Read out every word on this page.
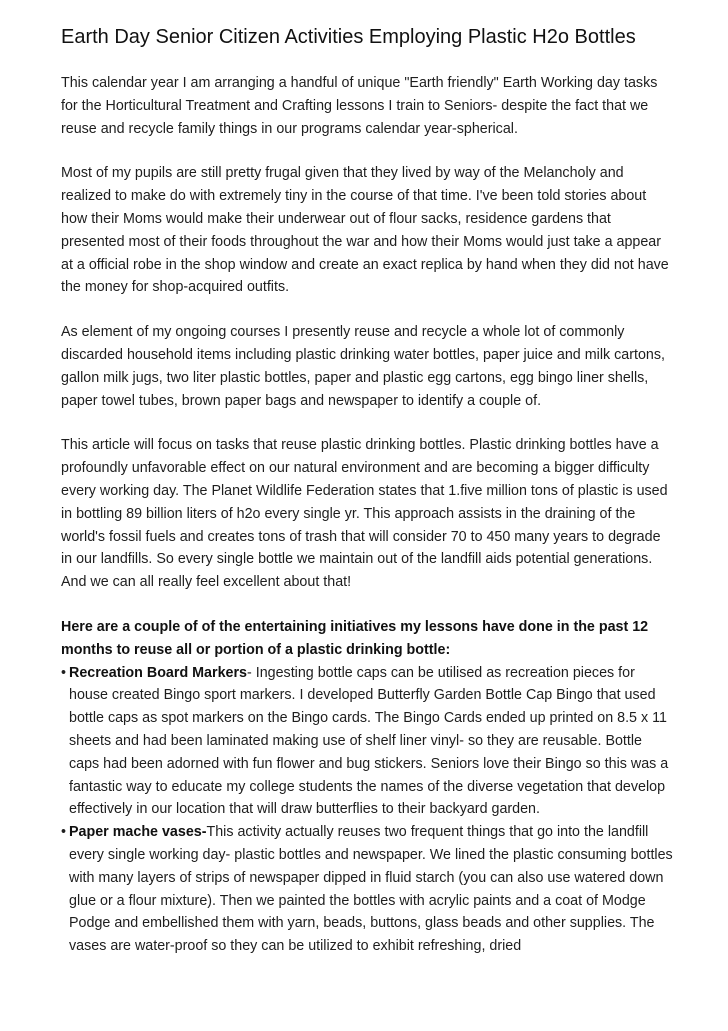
Earth Day Senior Citizen Activities Employing Plastic H2o Bottles

This calendar year I am arranging a handful of unique "Earth friendly" Earth Working day tasks for the Horticultural Treatment and Crafting lessons I train to Seniors- despite the fact that we reuse and recycle family things in our programs calendar year-spherical.

Most of my pupils are still pretty frugal given that they lived by way of the Melancholy and realized to make do with extremely tiny in the course of that time. I've been told stories about how their Moms would make their underwear out of flour sacks, residence gardens that presented most of their foods throughout the war and how their Moms would just take a appear at a official robe in the shop window and create an exact replica by hand when they did not have the money for shop-acquired outfits.

As element of my ongoing courses I presently reuse and recycle a whole lot of commonly discarded household items including plastic drinking water bottles, paper juice and milk cartons, gallon milk jugs, two liter plastic bottles, paper and plastic egg cartons, egg bingo liner shells, paper towel tubes, brown paper bags and newspaper to identify a couple of.

This article will focus on tasks that reuse plastic drinking bottles. Plastic drinking bottles have a profoundly unfavorable effect on our natural environment and are becoming a bigger difficulty every working day. The Planet Wildlife Federation states that 1.five million tons of plastic is used in bottling 89 billion liters of h2o every single yr. This approach assists in the draining of the world's fossil fuels and creates tons of trash that will consider 70 to 450 many years to degrade in our landfills. So every single bottle we maintain out of the landfill aids potential generations. And we can all really feel excellent about that!

Here are a couple of of the entertaining initiatives my lessons have done in the past 12 months to reuse all or portion of a plastic drinking bottle:

• Recreation Board Markers- Ingesting bottle caps can be utilised as recreation pieces for house created Bingo sport markers. I developed Butterfly Garden Bottle Cap Bingo that used bottle caps as spot markers on the Bingo cards. The Bingo Cards ended up printed on 8.5 x 11 sheets and had been laminated making use of shelf liner vinyl- so they are reusable. Bottle caps had been adorned with fun flower and bug stickers. Seniors love their Bingo so this was a fantastic way to educate my college students the names of the diverse vegetation that develop effectively in our location that will draw butterflies to their backyard garden.
• Paper mache vases-This activity actually reuses two frequent things that go into the landfill every single working day- plastic bottles and newspaper. We lined the plastic consuming bottles with many layers of strips of newspaper dipped in fluid starch (you can also use watered down glue or a flour mixture). Then we painted the bottles with acrylic paints and a coat of Modge Podge and embellished them with yarn, beads, buttons, glass beads and other supplies. The vases are water-proof so they can be utilized to exhibit refreshing, dried
